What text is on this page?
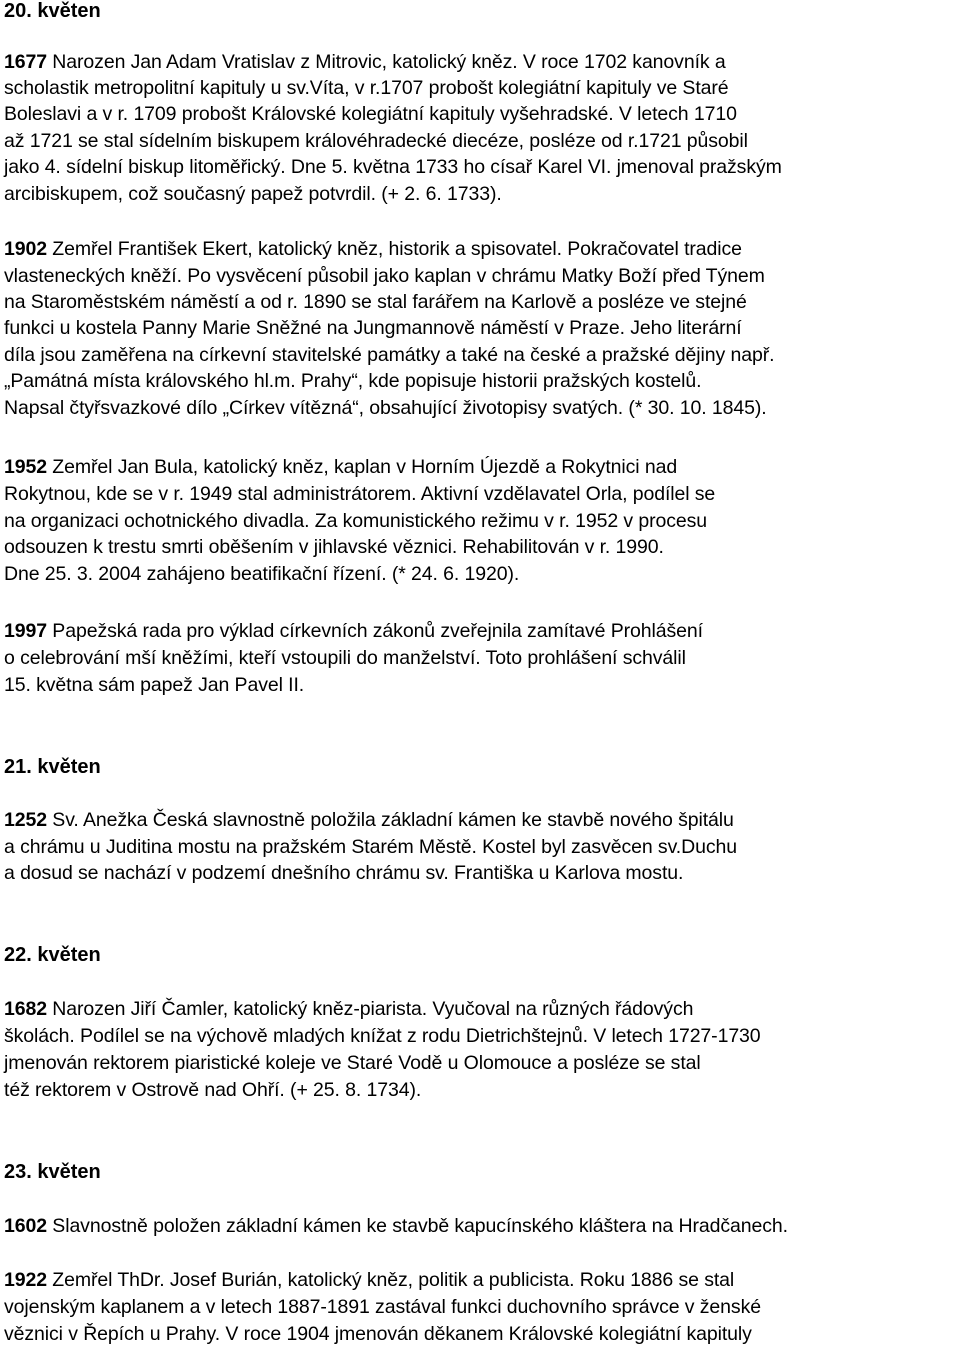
20. květen
1677 Narozen Jan Adam Vratislav z Mitrovic, katolický kněz. V roce 1702 kanovník a
scholastik metropolitní kapituly u sv.Víta, v r.1707 probošt kolegiátní kapituly ve Staré
Boleslavi a v r. 1709 probošt Královské kolegiátní kapituly vyšehradské. V letech 1710
až 1721 se stal sídelním biskupem královéhradecké diecéze, posléze od r.1721 působil
jako 4. sídelní biskup litoměřický. Dne 5. května 1733 ho císař Karel VI. jmenoval pražským
arcibiskupem, což současný papež potvrdil. (+ 2. 6. 1733).
1902 Zemřel František Ekert, katolický kněz, historik a spisovatel. Pokračovatel tradice
vlasteneckých kněží. Po vysvěcení působil jako kaplan v chrámu Matky Boží před Týnem
na Staroměstském náměstí a od r. 1890 se stal farářem na Karlově a posléze ve stejné
funkci u kostela Panny Marie Sněžné na Jungmannově náměstí v Praze. Jeho literární
díla jsou zaměřena na církevní stavitelské památky a také na české a pražské dějiny např.
„Památná místa královského hl.m. Prahy“, kde popisuje historii pražských kostelů.
Napsal čtyřsvazkové dílo „Církev vítězná“, obsahující životopisy svatých. (* 30. 10. 1845).
1952 Zemřel Jan Bula, katolický kněz, kaplan v Horním Újezdě a Rokytnici nad
Rokytnou, kde se v r. 1949 stal administrátorem. Aktivní vzdělavatel Orla, podílel se
na organizaci ochotnického divadla. Za komunistického režimu v r. 1952 v procesu
odsouzen k trestu smrti oběšením v jihlavské věznici. Rehabilitován v r. 1990.
Dne 25. 3. 2004 zahájeno beatifikační řízení. (* 24. 6. 1920).
1997 Papežská rada pro výklad církevních zákonů zveřejnila zamítavé Prohlášení
o celebrování mší kněžími, kteří vstoupili do manželství. Toto prohlášení schválil
15. května sám papež Jan Pavel II.
21. květen
1252 Sv. Anežka Česká slavnostně položila základní kámen ke stavbě nového špitálu
a chrámu u Juditina mostu na pražském Starém Městě. Kostel byl zasvěcen sv.Duchu
a dosud se nachází v podzemí dnešního chrámu sv. Františka u Karlova mostu.
22. květen
1682 Narozen Jiří Čamler, katolický kněz-piarista. Vyučoval na různých řádových
školách. Podílel se na výchově mladých knížat z rodu Dietrichštejnů. V letech 1727-1730
jmenován rektorem piaristické koleje ve Staré Vodě u Olomouce a posléze se stal
též rektorem v Ostrově nad Ohří. (+ 25. 8. 1734).
23. květen
1602 Slavnostně položen základní kámen ke stavbě kapucínského kláštera na Hradčanech.
1922 Zemřel ThDr. Josef Burián, katolický kněz, politik a publicista. Roku 1886 se stal
vojenským kaplanem a v letech 1887-1891 zastával funkci duchovního správce v ženské
věznici v Řepích u Prahy. V roce 1904 jmenován děkanem Královské kolegiátní kapituly
